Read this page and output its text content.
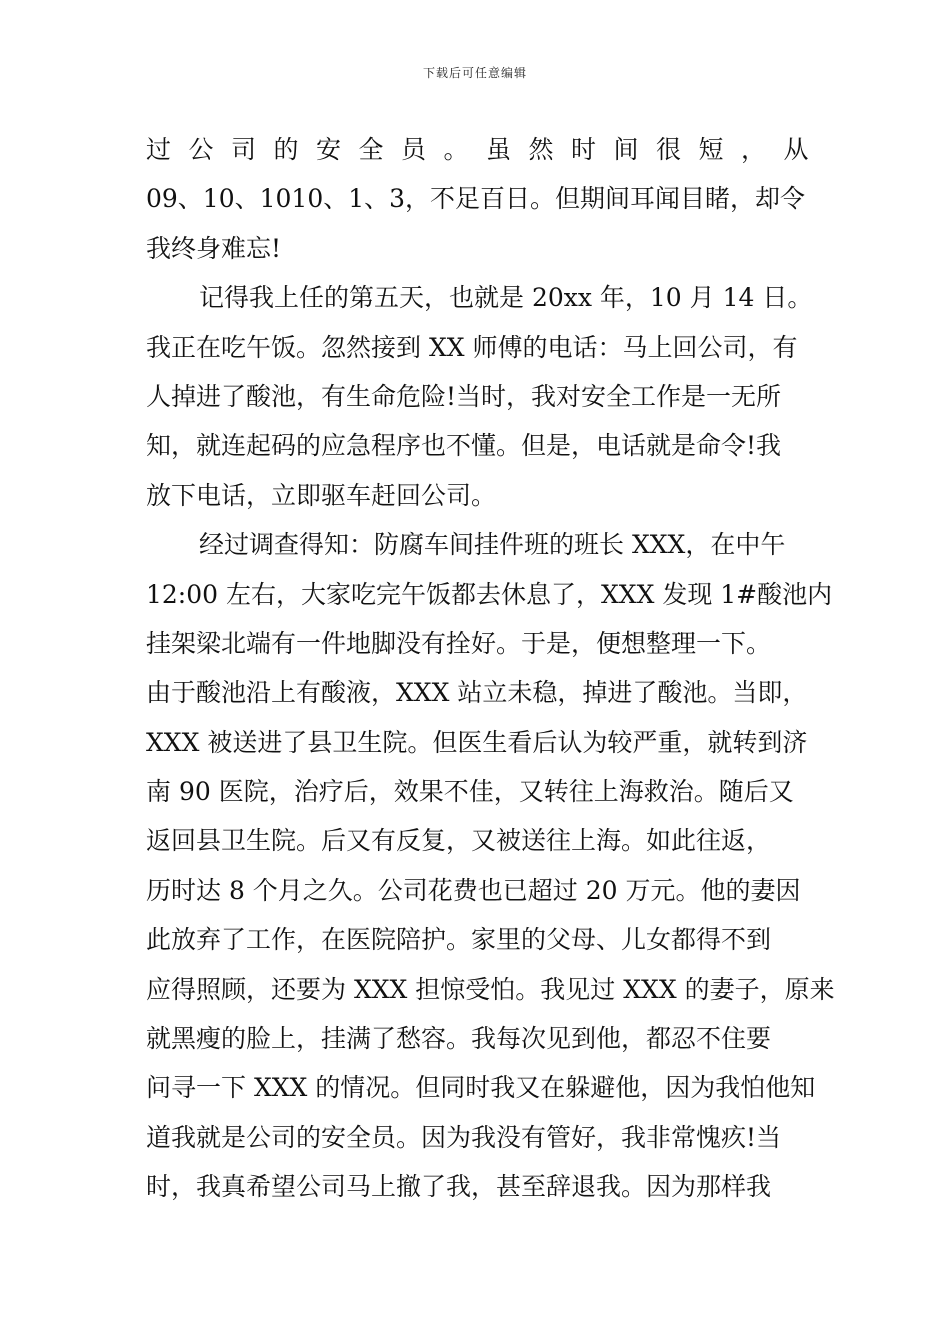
下载后可任意编辑
过公司的安全员。虽然时间很短，从
09、10、1010、1、3，不足百日。但期间耳闻目睹，却令
我终身难忘!
记得我上任的第五天，也就是 20xx 年，10 月 14 日。
我正在吃午饭。忽然接到 XX 师傅的电话：马上回公司，有
人掉进了酸池，有生命危险!当时，我对安全工作是一无所
知，就连起码的应急程序也不懂。但是，电话就是命令!我
放下电话，立即驱车赶回公司。
经过调查得知：防腐车间挂件班的班长 XXX，在中午
12:00 左右，大家吃完午饭都去休息了，XXX 发现 1#酸池内
挂架梁北端有一件地脚没有拴好。于是，便想整理一下。
由于酸池沿上有酸液，XXX 站立未稳，掉进了酸池。当即，
XXX 被送进了县卫生院。但医生看后认为较严重，就转到济
南 90 医院，治疗后，效果不佳，又转往上海救治。随后又
返回县卫生院。后又有反复，又被送往上海。如此往返，
历时达 8 个月之久。公司花费也已超过 20 万元。他的妻因
此放弃了工作，在医院陪护。家里的父母、儿女都得不到
应得照顾，还要为 XXX 担惊受怕。我见过 XXX 的妻子，原来
就黑瘦的脸上，挂满了愁容。我每次见到他，都忍不住要
问寻一下 XXX 的情况。但同时我又在躲避他，因为我怕他知
道我就是公司的安全员。因为我没有管好，我非常愧疚!当
时，我真希望公司马上撤了我，甚至辞退我。因为那样我
